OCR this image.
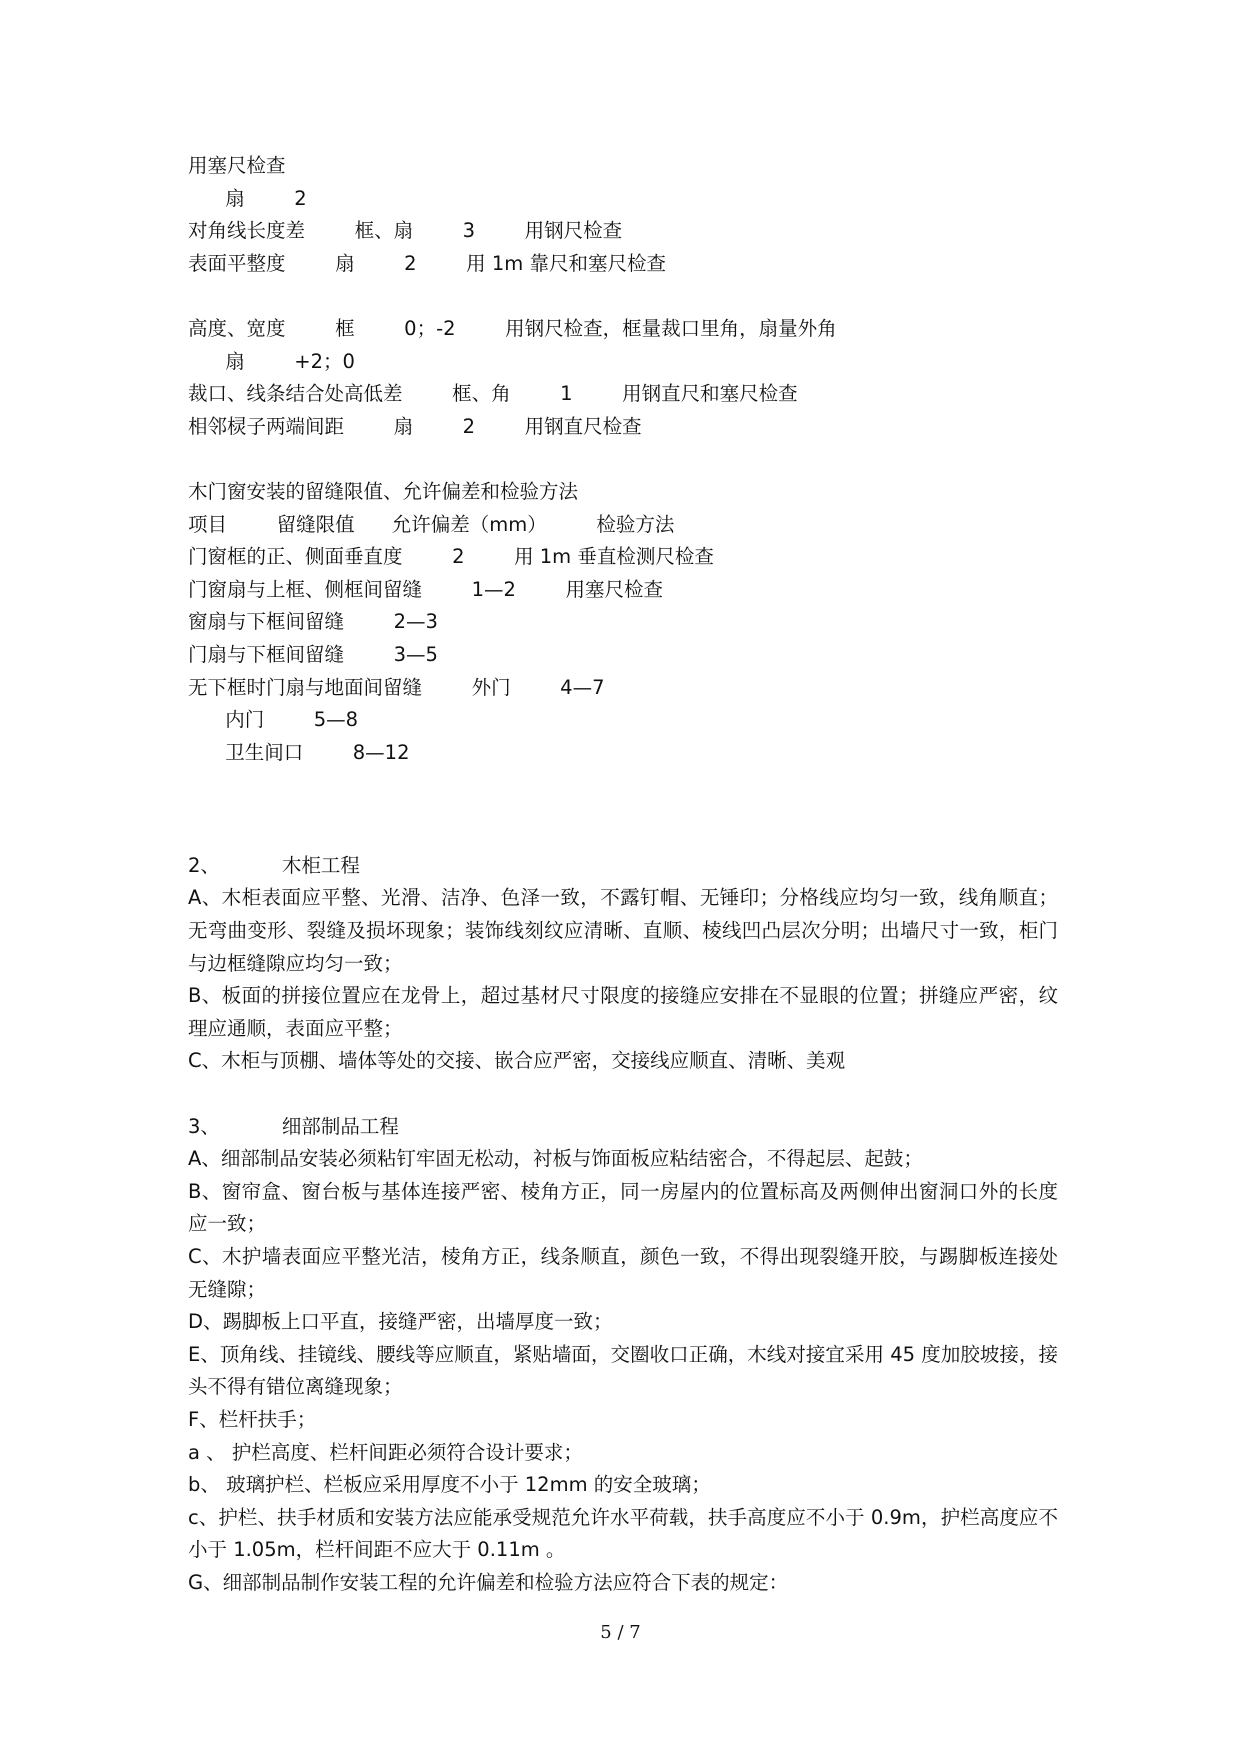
用塞尺检查
扇        2
对角线长度差        框、扇        3        用钢尺检查
表面平整度        扇        2        用 1m 靠尺和塞尺检查
高度、宽度        框        0；-2        用钢尺检查，框量裁口里角，扇量外角
扇        +2；0
裁口、线条结合处高低差        框、角        1        用钢直尺和塞尺检查
相邻棂子两端间距        扇        2        用钢直尺检查
木门窗安装的留缝限值、允许偏差和检验方法
项目        留缝限值      允许偏差（mm）        检验方法
门窗框的正、侧面垂直度        2        用 1m 垂直检测尺检查
门窗扇与上框、侧框间留缝        1—2        用塞尺检查
窗扇与下框间留缝        2—3
门扇与下框间留缝        3—5
无下框时门扇与地面间留缝        外门        4—7
内门        5—8
卫生间口        8—12
2、          木柜工程

A、木柜表面应平整、光滑、洁净、色泽一致，不露钉帽、无锤印；分格线应均匀一致，线角顺直；无弯曲变形、裂缝及损坏现象；装饰线刻纹应清晰、直顺、棱线凹凸层次分明；出墙尺寸一致，柜门与边框缝隙应均匀一致；

B、板面的拼接位置应在龙骨上，超过基材尺寸限度的接缝应安排在不显眼的位置；拼缝应严密，纹理应通顺，表面应平整；

C、木柜与顶棚、墙体等处的交接、嵌合应严密，交接线应顺直、清晰、美观

3、          细部制品工程

A、细部制品安装必须粘钉牢固无松动，衬板与饰面板应粘结密合，不得起层、起鼓；

B、窗帘盒、窗台板与基体连接严密、棱角方正，同一房屋内的位置标高及两侧伸出窗洞口外的长度应一致；

C、木护墙表面应平整光洁，棱角方正，线条顺直，颜色一致，不得出现裂缝开胶，与踢脚板连接处无缝隙；

D、踢脚板上口平直，接缝严密，出墙厚度一致；

E、顶角线、挂镜线、腰线等应顺直，紧贴墙面，交圈收口正确，木线对接宜采用 45 度加胶坡接，接头不得有错位离缝现象；

F、栏杆扶手；

a 、 护栏高度、栏杆间距必须符合设计要求；

b、 玻璃护栏、栏板应采用厚度不小于 12mm 的安全玻璃；

c、护栏、扶手材质和安装方法应能承受规范允许水平荷载，扶手高度应不小于 0.9m，护栏高度应不小于 1.05m，栏杆间距不应大于 0.11m 。

G、细部制品制作安装工程的允许偏差和检验方法应符合下表的规定：

5 / 7
